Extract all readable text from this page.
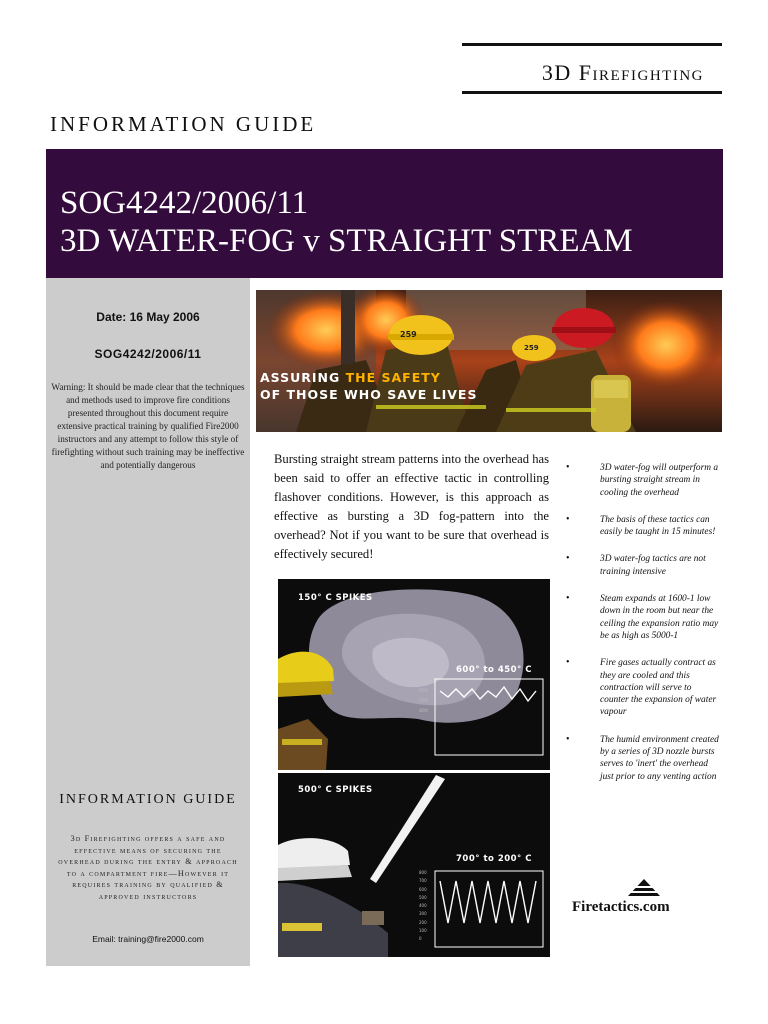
3D Firefighting
INFORMATION GUIDE
SOG4242/2006/11
3D WATER-FOG v STRAIGHT STREAM
Date: 16 May 2006
SOG4242/2006/11
Warning: It should be made clear that the techniques and methods used to improve fire conditions presented throughout this document require extensive practical training by qualified Fire2000 instructors and any attempt to follow this style of firefighting without such training may be ineffective and potentially dangerous
INFORMATION GUIDE
3d Firefighting offers a safe and effective means of securing the overhead during the entry & approach to a compartment fire—However it requires training by qualified & approved instructors
Email: training@fire2000.com
259
259
ASSURING THE SAFETY
OF THOSE WHO SAVE LIVES
Bursting straight stream patterns into the overhead has been said to offer an effective tactic in controlling flashover conditions. However, is this approach as effective as bursting a 3D fog-pattern into the overhead? Not if you want to be sure that overhead is effectively secured!
•	3D water-fog will outperform a bursting straight stream in cooling the overhead
•	The basis of these tactics can easily be taught in 15 minutes!
•	3D water-fog tactics are not training intensive
•	Steam expands at 1600-1 low down in the room but near the ceiling the expansion ratio may be as high as 5000-1
•	Fire gases actually contract as they are cooled and this contraction will serve to counter the expansion of water vapour
•	The humid environment created by a series of 3D nozzle bursts serves to 'inert' the overhead just prior to any venting action
150° C SPIKES
600° to 450° C
700
600
500
400
500° C SPIKES
700° to 200° C
800
700
600
500
400
300
200
100
0
Firetactics.com
